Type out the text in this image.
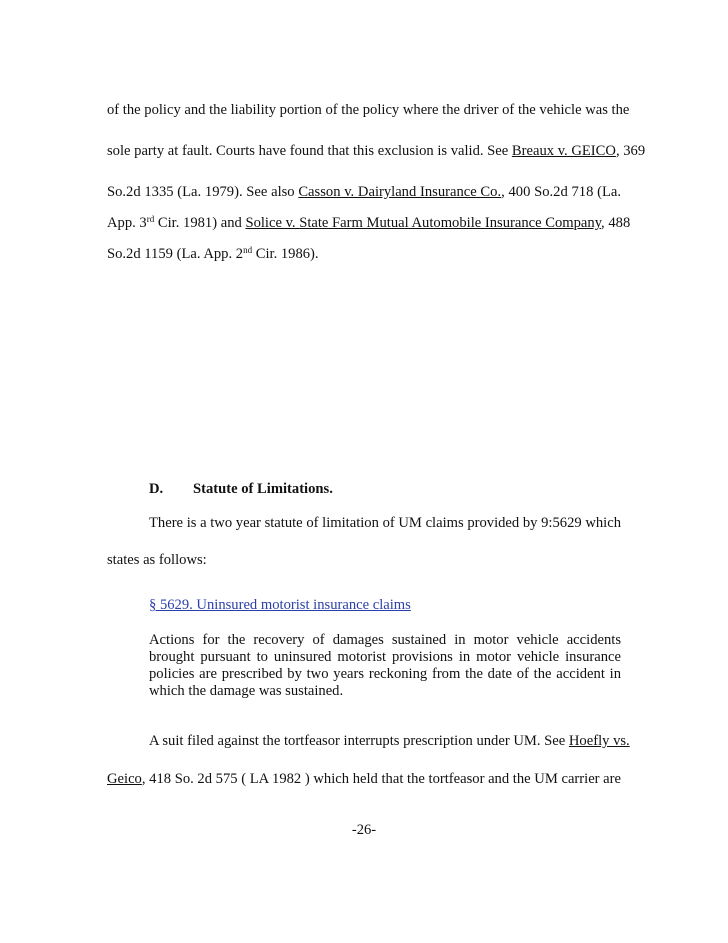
of the policy and the liability portion of the policy where the driver of the vehicle was the
sole party at fault. Courts have found that this exclusion is valid. See Breaux v. GEICO, 369
So.2d 1335 (La. 1979). See also Casson v. Dairyland Insurance Co., 400 So.2d 718 (La.
App. 3rd Cir. 1981) and Solice v. State Farm Mutual Automobile Insurance Company, 488
So.2d 1159 (La. App. 2nd Cir. 1986).
D. Statute of Limitations.
There is a two year statute of limitation of UM claims provided by 9:5629 which
states as follows:
§ 5629. Uninsured motorist insurance claims
Actions for the recovery of damages sustained in motor vehicle accidents brought pursuant to uninsured motorist provisions in motor vehicle insurance policies are prescribed by two years reckoning from the date of the accident in which the damage was sustained.
A suit filed against the tortfeasor interrupts prescription under UM. See Hoefly vs.
Geico, 418 So. 2d 575 ( LA 1982 ) which held that the tortfeasor and the UM carrier are
-26-
